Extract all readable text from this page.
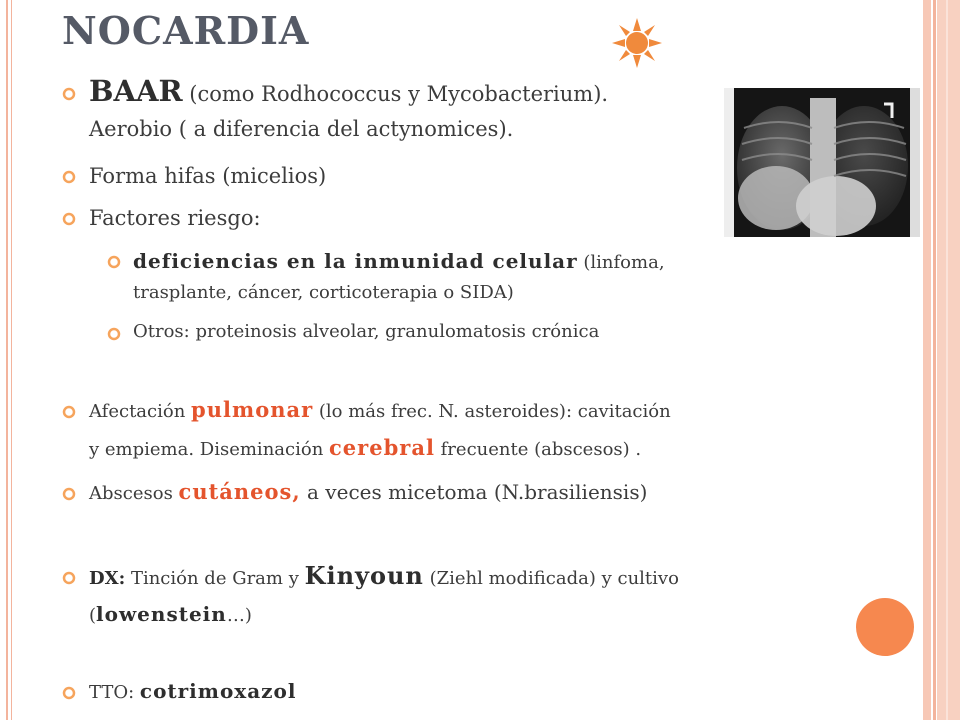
NOCARDIA
BAAR (como Rodhococcus y Mycobacterium).
Aerobio ( a diferencia del actynomices).
Forma hifas (micelios)
Factores riesgo:
deficiencias en la inmunidad celular (linfoma,
trasplante, cáncer, corticoterapia o SIDA)
Otros: proteinosis alveolar, granulomatosis crónica
Afectación pulmonar (lo más frec. N. asteroides): cavitación
y empiema. Diseminación cerebral frecuente (abscesos) .
Abscesos cutáneos, a veces micetoma (N.brasiliensis)
DX: Tinción de Gram y Kinyoun (Ziehl modificada) y cultivo
(lowenstein…)
TTO: cotrimoxazol
